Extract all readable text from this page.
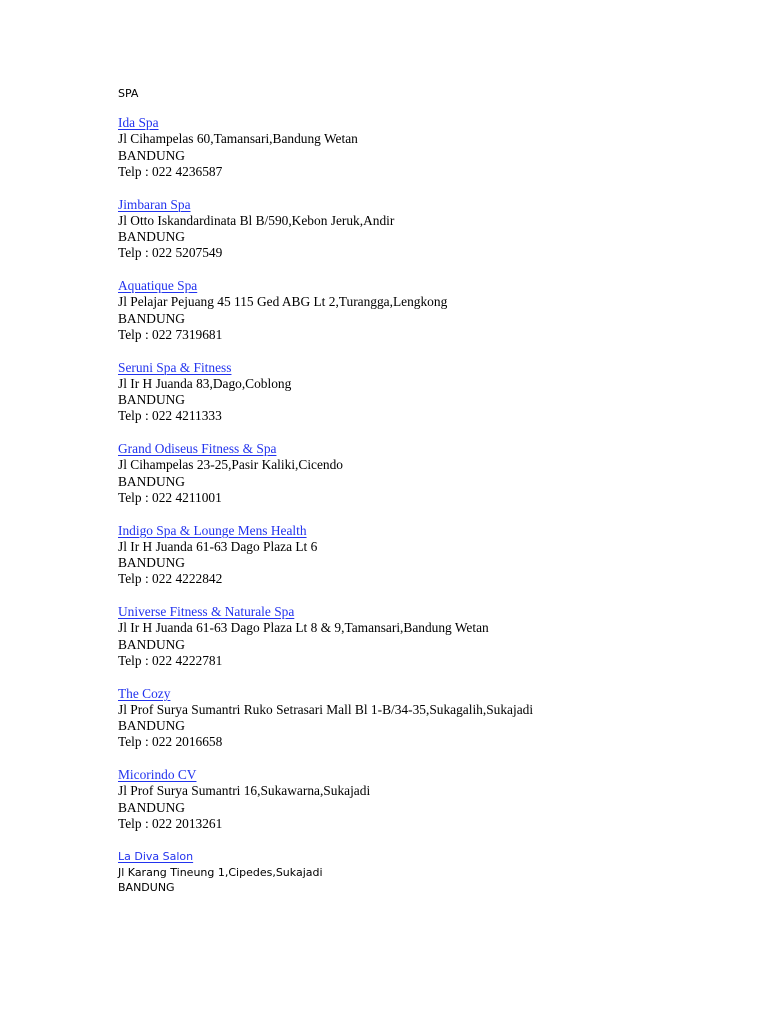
SPA
Ida Spa
Jl Cihampelas 60,Tamansari,Bandung Wetan
BANDUNG
Telp : 022 4236587
Jimbaran Spa
Jl Otto Iskandardinata Bl B/590,Kebon Jeruk,Andir
BANDUNG
Telp : 022 5207549
Aquatique Spa
Jl Pelajar Pejuang 45 115 Ged ABG Lt 2,Turangga,Lengkong
BANDUNG
Telp : 022 7319681
Seruni Spa & Fitness
Jl Ir H Juanda 83,Dago,Coblong
BANDUNG
Telp : 022 4211333
Grand Odiseus Fitness & Spa
Jl Cihampelas 23-25,Pasir Kaliki,Cicendo
BANDUNG
Telp : 022 4211001
Indigo Spa & Lounge Mens Health
Jl Ir H Juanda 61-63 Dago Plaza Lt 6
BANDUNG
Telp : 022 4222842
Universe Fitness & Naturale Spa
Jl Ir H Juanda 61-63 Dago Plaza Lt 8 & 9,Tamansari,Bandung Wetan
BANDUNG
Telp : 022 4222781
The Cozy
Jl Prof Surya Sumantri Ruko Setrasari Mall Bl 1-B/34-35,Sukagalih,Sukajadi
BANDUNG
Telp : 022 2016658
Micorindo CV
Jl Prof Surya Sumantri 16,Sukawarna,Sukajadi
BANDUNG
Telp : 022 2013261
La Diva Salon
Jl Karang Tineung 1,Cipedes,Sukajadi
BANDUNG
